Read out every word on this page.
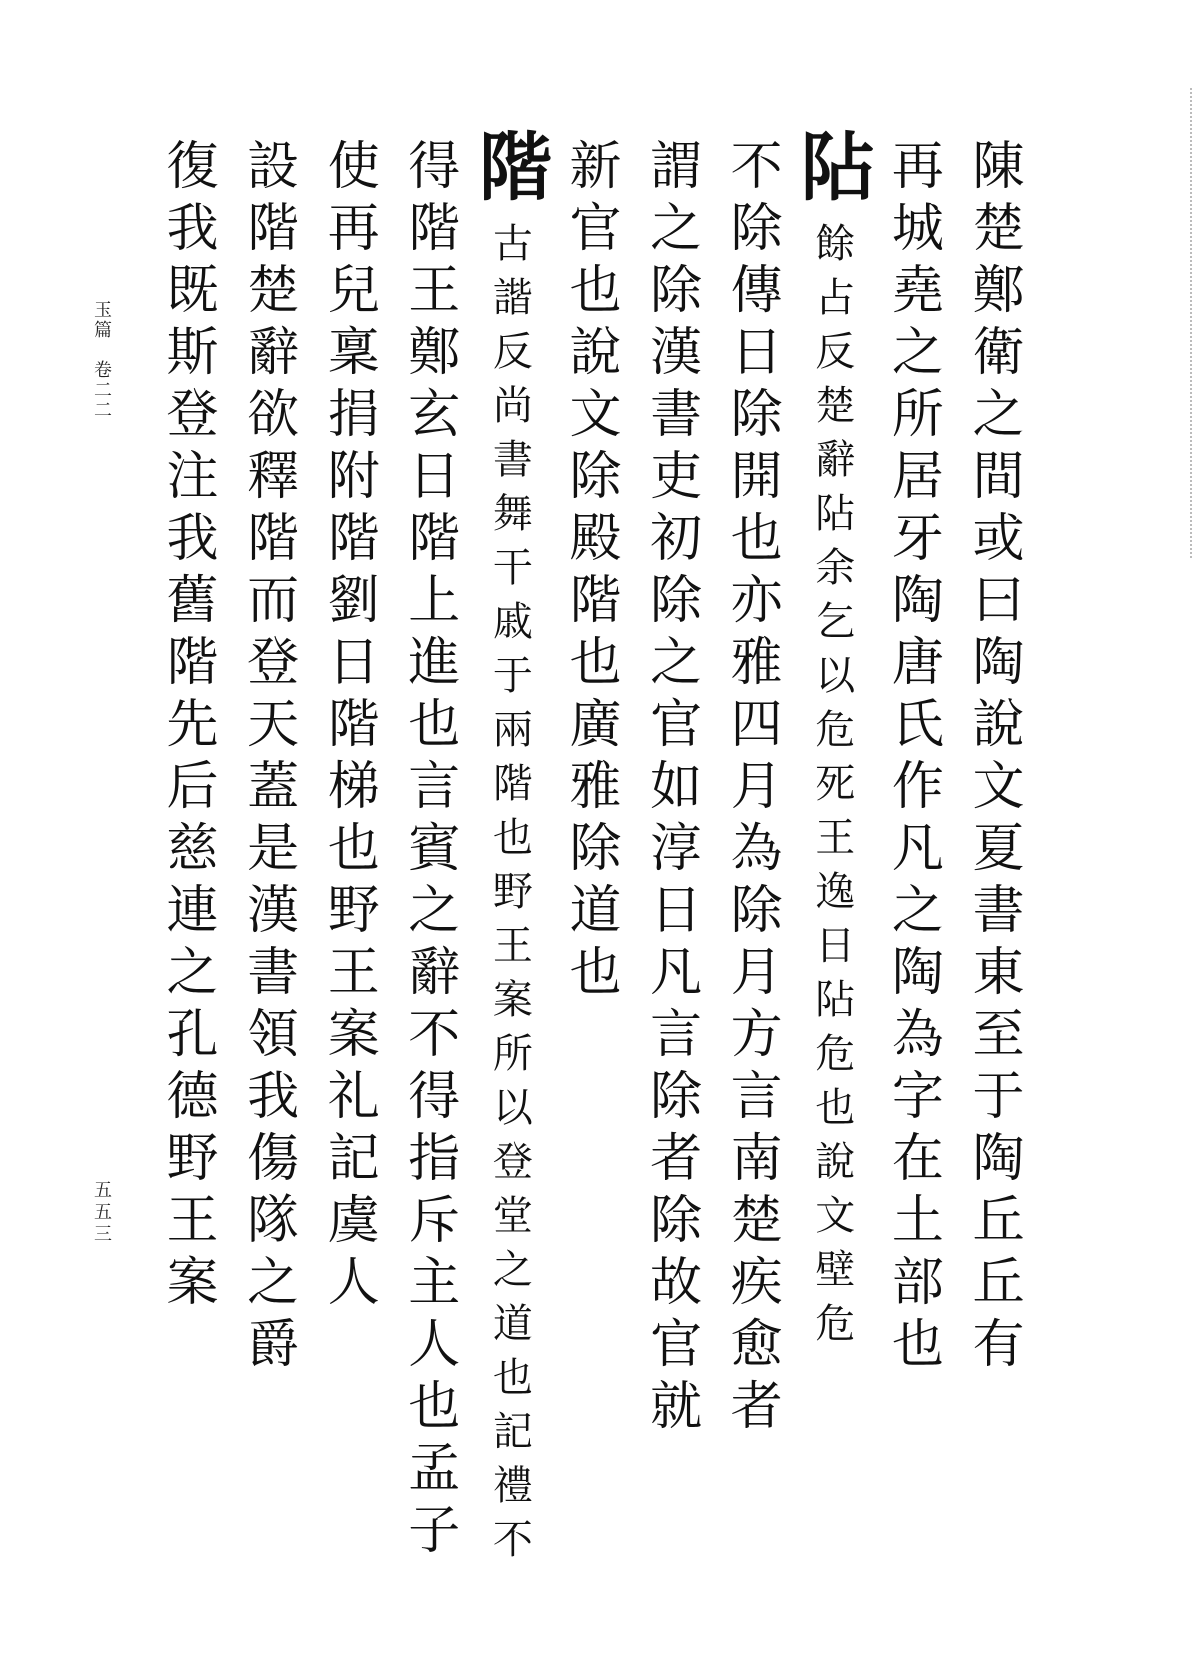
玉篇　卷二二
五五三	陳楚鄭衛之間或曰陶說文夏書東至于陶丘丘有
再城堯之所居牙陶唐氏作凡之陶為字在土部也
阽餘占反楚辭阽余乞以危死王逸日阽危也說文壁危
不除傳日除開也亦雅四月為除月方言南楚疾愈者
謂之除漢書吏初除之官如淳日凡言除者除故官就
新官也說文除殿階也廣雅除道也
階古諧反尚書舞干戚于兩階也野王案所以登堂之道也記禮不
得階王鄭玄日階上進也言賓之辭不得指斥主人也孟子
使再兒稟捐附階劉日階梯也野王案礼記虞人
設階楚辭欲釋階而登天蓋是漢書領我傷隊之爵
復我既斯登注我舊階先后慈連之孔德野王案
